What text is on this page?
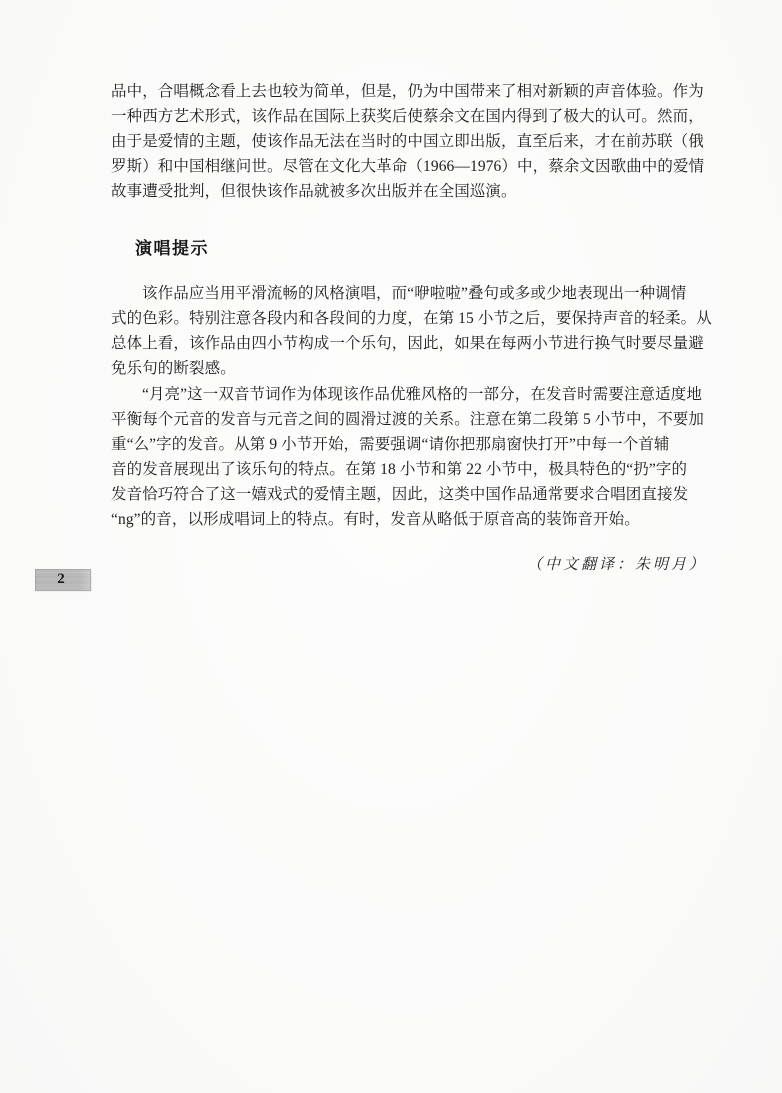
品中，合唱概念看上去也较为简单，但是，仍为中国带来了相对新颖的声音体验。作为
一种西方艺术形式，该作品在国际上获奖后使蔡余文在国内得到了极大的认可。然而，
由于是爱情的主题，使该作品无法在当时的中国立即出版，直至后来，才在前苏联（俄
罗斯）和中国相继问世。尽管在文化大革命（1966—1976）中，蔡余文因歌曲中的爱情
故事遭受批判，但很快该作品就被多次出版并在全国巡演。
演唱提示
该作品应当用平滑流畅的风格演唱，而“咿啦啦”叠句或多或少地表现出一种调情
式的色彩。特别注意各段内和各段间的力度，在第 15 小节之后，要保持声音的轻柔。从
总体上看，该作品由四小节构成一个乐句，因此，如果在每两小节进行换气时要尽量避
免乐句的断裂感。
“月亮”这一双音节词作为体现该作品优雅风格的一部分，在发音时需要注意适度地
平衡每个元音的发音与元音之间的圆滑过渡的关系。注意在第二段第 5 小节中，不要加
重“么”字的发音。从第 9 小节开始，需要强调“请你把那扇窗快打开”中每一个首辅
音的发音展现出了该乐句的特点。在第 18 小节和第 22 小节中，极具特色的“扔”字的
发音恰巧符合了这一嬉戏式的爱情主题，因此，这类中国作品通常要求合唱团直接发
“ng”的音，以形成唱词上的特点。有时，发音从略低于原音高的装饰音开始。
（中文翻译：朱明月）
2
